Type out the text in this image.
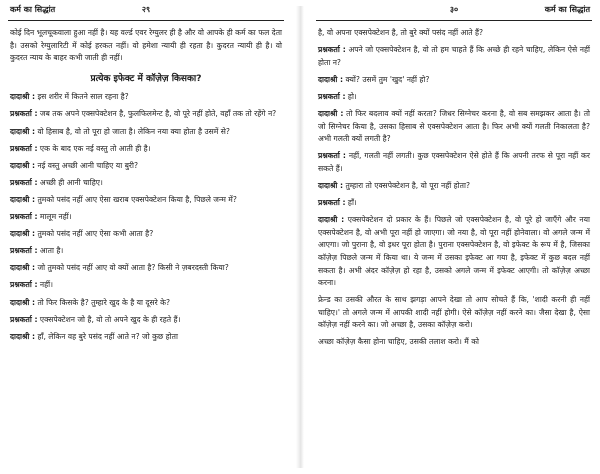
कर्म का सिद्धांत	२९

कोई दिन भूलचूकवाला हुआ नहीं है। यह वर्ल्ड एवर रेग्युलर ही है और वो आपके ही कर्म का फल देता है। उसको रेग्युलारिटी में कोई हरकत नहीं। वो हमेशा न्यायी ही रहता है। कुदरत न्यायी ही है। वो कुदरत न्याय के बाहर कभी जाती ही नहीं।

प्रत्येक इफेक्ट में कॉज़ेज़ किसका?

दादाश्री : इस शरीर में कितने साल रहना है?

प्रश्नकर्ता : जब तक अपने एक्सपेक्टेशन है, फुलफिलमेन्ट है, वो पूरे नहीं होते, वहाँ तक तो रहेंगे न?

दादाश्री : वो हिसाब है, वो तो पूरा हो जाता है। लेकिन नया क्या होता है उसमें से?

प्रश्नकर्ता : एक के बाद एक नई वस्तु तो आती ही है।

दादाश्री : नई वस्तु अच्छी आनी चाहिए या बुरी?

प्रश्नकर्ता : अच्छी ही आनी चाहिए।

दादाश्री : तुमको पसंद नहीं आए ऐसा खराब एक्सपेक्टेशन किया है, पिछले जन्म में?

प्रश्नकर्ता : मालूम नहीं।

दादाश्री : तुमको पसंद नहीं आए ऐसा कभी आता है?

प्रश्नकर्ता : आता है।

दादाश्री : जो तुमको पसंद नहीं आए वो क्यों आता है? किसी ने ज़बरदस्ती किया?

प्रश्नकर्ता : नहीं।

दादाश्री : तो फिर किसके है? तुम्हारे खुद के है या दूसरे के?

प्रश्नकर्ता : एक्सपेक्टेशन जो है, वो तो अपने खुद के ही रहते हैं।

दादाश्री : हाँ, लेकिन वह बुरे पसंद नहीं आते न? जो कुछ होता

३०	कर्म का सिद्धांत

है, वो अपना एक्सपेक्टेशन है, तो बुरे क्यों पसंद नहीं आते हैं?

प्रश्नकर्ता : अपने जो एक्सपेक्टेशन है, वो तो हम चाहते हैं कि अच्छे ही रहने चाहिए, लेकिन ऐसे नहीं होता न?

दादाश्री : क्यों? उसमें तुम 'खुद' नहीं हो?

प्रश्नकर्ता : हो।

दादाश्री : तो फिर बदलाव क्यों नहीं करता? जिधर सिग्नेचर करना है, वो सब समझकर आता है। तो जो सिग्नेचर किया है, उसका हिसाब से एक्सपेक्टेशन आता है। फिर अभी क्यों गलती निकालता है? अभी गलती क्यों लगती है?

प्रश्नकर्ता : नहीं, गलती नहीं लगती। कुछ एक्सपेक्टेशन ऐसे होते हैं कि अपनी तरफ से पूरा नहीं कर सकते हैं।

दादाश्री : तुम्हारा तो एक्सपेक्टेशन है, वो पूरा नहीं होता?

प्रश्नकर्ता : हाँ।

दादाश्री : एक्सपेक्टेशन दो प्रकार के हैं। पिछले जो एक्सपेक्टेशन है, वो पूरे हो जाएँगे और नया एक्सपेक्टेशन है, वो अभी पूरा नहीं हो जाएगा। जो नया है, वो पूरा नहीं होनेवाला। वो अगले जन्म में आएगा। जो पुराना है, वो इधर पूरा होता है। पुराना एक्सपेक्टेशन है, वो इफेक्ट के रूप में है, जिसका कॉज़ेज़ पिछले जन्म में किया था। ये जन्म में उसका इफेक्ट आ गया है, इफेक्ट में कुछ बदल नहीं सकता है। अभी अंदर कॉज़ेज़ हो रहा है, उसको अगले जन्म में इफेक्ट आएगी। तो कॉज़ेज़ अच्छा करना।

फ्रेन्ड का उसकी औरत के साथ झगड़ा आपने देखा तो आप सोचते हैं कि, 'शादी करनी ही नहीं चाहिए।' तो अगले जन्म में आपकी शादी नहीं होगी। ऐसे कॉज़ेज़ नहीं करने का। जैसा देखा है, ऐसा कॉज़ेज़ नहीं करने का। जो अच्छा है, उसका कॉज़ेज़ करो।

अच्छा कॉज़ेज़ कैसा होना चाहिए, उसकी तलाश करो। मैं को
